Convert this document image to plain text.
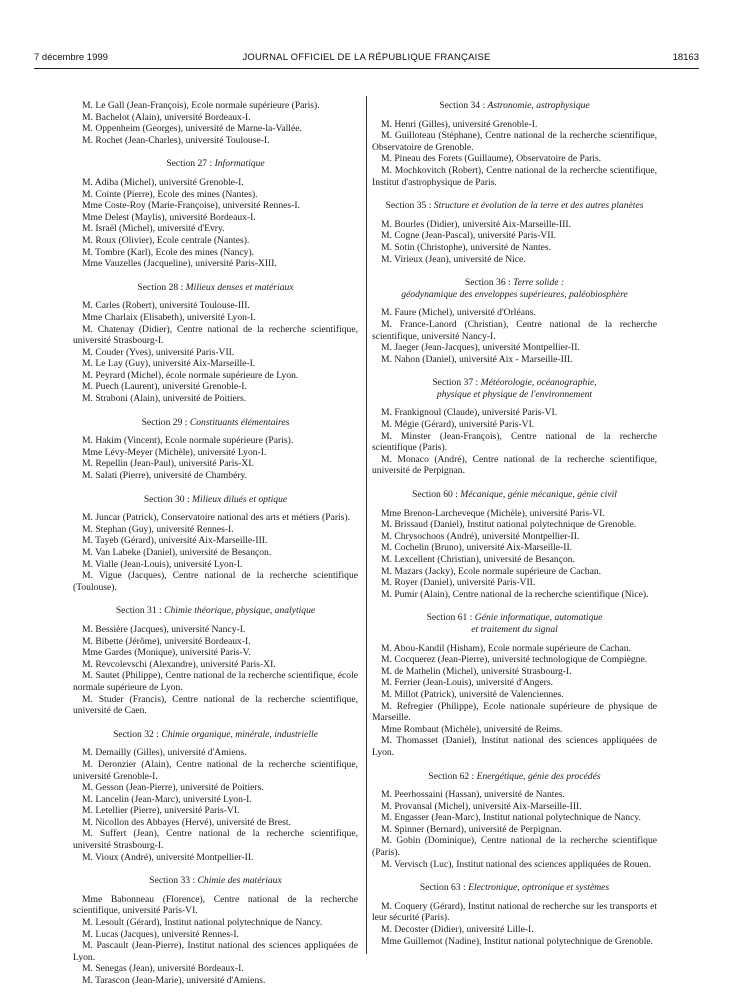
7 décembre 1999	JOURNAL OFFICIEL DE LA RÉPUBLIQUE FRANÇAISE	18163

M. Le Gall (Jean-François), Ecole normale supérieure (Paris).

M. Bachelot (Alain), université Bordeaux-I.

M. Oppenheim (Georges), université de Marne-la-Vallée.

M. Rochet (Jean-Charles), université Toulouse-I.

Section 27 : Informatique

M. Adiba (Michel), université Grenoble-I.

M. Cointe (Pierre), Ecole des mines (Nantes).

Mme Coste-Roy (Marie-Françoise), université Rennes-I.

Mme Delest (Maylis), université Bordeaux-I.

M. Israël (Michel), université d'Evry.

M. Roux (Olivier), Ecole centrale (Nantes).

M. Tombre (Karl), Ecole des mines (Nancy).

Mme Vauzelles (Jacqueline), université Paris-XIII.

Section 28 : Milieux denses et matériaux

M. Carles (Robert), université Toulouse-III.

Mme Charlaix (Elisabeth), université Lyon-I.

M. Chatenay (Didier), Centre national de la recherche scientifique, université Strasbourg-I.

M. Couder (Yves), université Paris-VII.

M. Le Lay (Guy), université Aix-Marseille-I.

M. Peyrard (Michel), école normale supérieure de Lyon.

M. Puech (Laurent), université Grenoble-I.

M. Straboni (Alain), université de Poitiers.

Section 29 : Constituants élémentaires

M. Hakim (Vincent), Ecole normale supérieure (Paris).

Mme Lévy-Meyer (Michèle), université Lyon-I.

M. Repellin (Jean-Paul), université Paris-XI.

M. Salati (Pierre), université de Chambéry.

Section 30 : Milieux dilués et optique

M. Juncar (Patrick), Conservatoire national des arts et métiers (Paris).

M. Stephan (Guy), université Rennes-I.

M. Tayeb (Gérard), université Aix-Marseille-III.

M. Van Labeke (Daniel), université de Besançon.

M. Vialle (Jean-Louis), université Lyon-I.

M. Vigue (Jacques), Centre national de la recherche scientifique (Toulouse).

Section 31 : Chimie théorique, physique, analytique

M. Bessière (Jacques), université Nancy-I.

M. Bibette (Jérôme), université Bordeaux-I.

Mme Gardes (Monique), université Paris-V.

M. Revcolevschi (Alexandre), université Paris-XI.

M. Sautet (Philippe), Centre national de la recherche scientifique, école normale supérieure de Lyon.

M. Studer (Francis), Centre national de la recherche scientifique, université de Caen.

Section 32 : Chimie organique, minérale, industrielle

M. Demailly (Gilles), université d'Amiens.

M. Deronzier (Alain), Centre national de la recherche scientifique, université Grenoble-I.

M. Gesson (Jean-Pierre), université de Poitiers.

M. Lancelin (Jean-Marc), université Lyon-I.

M. Letellier (Pierre), université Paris-VI.

M. Nicollon des Abbayes (Hervé), université de Brest.

M. Suffert (Jean), Centre national de la recherche scientifique, université Strasbourg-I.

M. Vioux (André), université Montpellier-II.

Section 33 : Chimie des matériaux

Mme Babonneau (Florence), Centre national de la recherche scientifique, université Paris-VI.

M. Lesoult (Gérard), Institut national polytechnique de Nancy.

M. Lucas (Jacques), université Rennes-I.

M. Pascault (Jean-Pierre), Institut national des sciences appliquées de Lyon.

M. Senegas (Jean), université Bordeaux-I.

M. Tarascon (Jean-Marie), université d'Amiens.

Section 34 : Astronomie, astrophysique

M. Henri (Gilles), université Grenoble-I.

M. Guilloteau (Stéphane), Centre national de la recherche scientifique, Observatoire de Grenoble.

M. Pineau des Forets (Guillaume), Observatoire de Paris.

M. Mochkovitch (Robert), Centre national de la recherche scientifique, Institut d'astrophysique de Paris.

Section 35 : Structure et évolution de la terre et des autres planètes

M. Bourles (Didier), université Aix-Marseille-III.

M. Cogne (Jean-Pascal), université Paris-VII.

M. Sotin (Christophe), université de Nantes.

M. Virieux (Jean), université de Nice.

Section 36 : Terre solide :
géodynamique des enveloppes supérieures, paléobiosphère

M. Faure (Michel), université d'Orléans.

M. France-Lanord (Christian), Centre national de la recherche scientifique, université Nancy-I.

M. Jaeger (Jean-Jacques), université Montpellier-II.

M. Nahon (Daniel), université Aix - Marseille-III.

Section 37 : Météorologie, océanographie,
physique et physique de l'environnement

M. Frankignoul (Claude), université Paris-VI.

M. Mégie (Gérard), université Paris-VI.

M. Minster (Jean-François), Centre national de la recherche scientifique (Paris).

M. Monaco (André), Centre national de la recherche scientifique, université de Perpignan.

Section 60 : Mécanique, génie mécanique, génie civil

Mme Brenon-Larcheveque (Michèle), université Paris-VI.

M. Brissaud (Daniel), Institut national polytechnique de Grenoble.

M. Chrysochoos (André), université Montpellier-II.

M. Cochelin (Bruno), université Aix-Marseille-II.

M. Lexcellent (Christian), université de Besançon.

M. Mazars (Jacky), Ecole normale supérieure de Cachan.

M. Royer (Daniel), université Paris-VII.

M. Pumir (Alain), Centre national de la recherche scientifique (Nice).

Section 61 : Génie informatique, automatique
et traitement du signal

M. Abou-Kandil (Hisham), Ecole normale supérieure de Cachan.

M. Cocquerez (Jean-Pierre), université technologique de Compiègne.

M. de Mathelin (Michel), université Strasbourg-I.

M. Ferrier (Jean-Louis), université d'Angers.

M. Millot (Patrick), université de Valenciennes.

M. Refregier (Philippe), Ecole nationale supérieure de physique de Marseille.

Mme Rombaut (Michèle), université de Reims.

M. Thomasset (Daniel), Institut national des sciences appliquées de Lyon.

Section 62 : Energétique, génie des procédés

M. Peerhossaini (Hassan), université de Nantes.

M. Provansal (Michel), université Aix-Marseille-III.

M. Engasser (Jean-Marc), Institut national polytechnique de Nancy.

M. Spinner (Bernard), université de Perpignan.

M. Gobin (Dominique), Centre national de la recherche scientifique (Paris).

M. Vervisch (Luc), Institut national des sciences appliquées de Rouen.

Section 63 : Electronique, optronique et systèmes

M. Coquery (Gérard), Institut national de recherche sur les transports et leur sécurité (Paris).

M. Decoster (Didier), université Lille-I.

Mme Guillemot (Nadine), Institut national polytechnique de Grenoble.
